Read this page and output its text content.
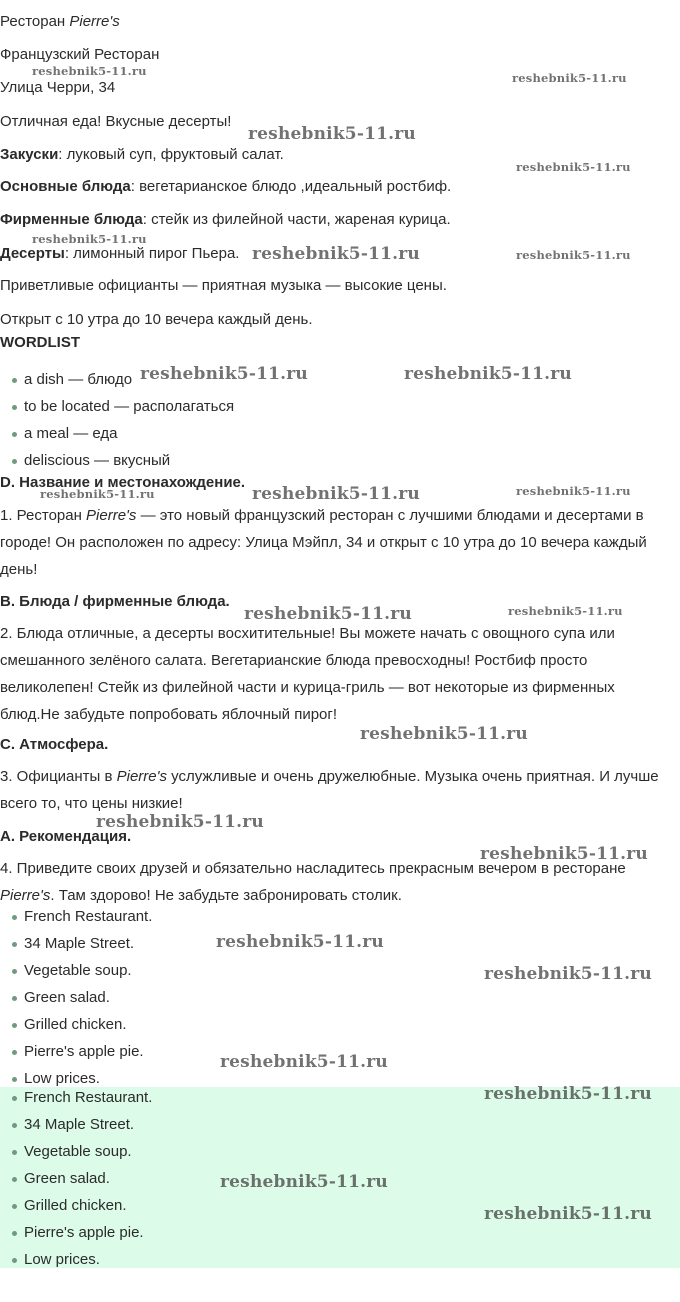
Ресторан Pierre's
Французский Ресторан
Улица Черри, 34
Отличная еда! Вкусные десерты!
Закуски: луковый суп, фруктовый салат.
Основные блюда: вегетарианское блюдо ,идеальный ростбиф.
Фирменные блюда: стейк из филейной части, жареная курица.
Десерты: лимонный пирог Пьера.
Приветливые официанты — приятная музыка — высокие цены.
Открыт с 10 утра до 10 вечера каждый день.
WORDLIST
a dish — блюдо
to be located — располагаться
a meal — еда
deliscious — вкусный
D. Название и местонахождение.
1. Ресторан Pierre's — это новый французский ресторан с лучшими блюдами и десертами в городе! Он расположен по адресу: Улица Мэйпл, 34 и открыт с 10 утра до 10 вечера каждый день!
B. Блюда / фирменные блюда.
2. Блюда отличные, а десерты восхитительные! Вы можете начать с овощного супа или смешанного зелёного салата. Вегетарианские блюда превосходны! Ростбиф просто великолепен! Стейк из филейной части и курица-гриль — вот некоторые из фирменных блюд.Не забудьте попробовать яблочный пирог!
C. Атмосфера.
3. Официанты в Pierre's услужливые и очень дружелюбные. Музыка очень приятная. И лучше всего то, что цены низкие!
A. Рекомендация.
4. Приведите своих друзей и обязательно насладитесь прекрасным вечером в ресторане Pierre's. Там здорово! Не забудьте забронировать столик.
French Restaurant.
34 Maple Street.
Vegetable soup.
Green salad.
Grilled chicken.
Pierre's apple pie.
Low prices.
French Restaurant.
34 Maple Street.
Vegetable soup.
Green salad.
Grilled chicken.
Pierre's apple pie.
Low prices.
reshebnik5-11.ru	reshebnik5-11.ru
reshebnik5-11.ru
reshebnik5-11.ru
reshebnik5-11.ru
reshebnik5-11.ru	reshebnik5-11.ru
reshebnik5-11.ru	reshebnik5-11.ru
reshebnik5-11.ru	reshebnik5-11.ru	reshebnik5-11.ru
reshebnik5-11.ru	reshebnik5-11.ru
reshebnik5-11.ru
reshebnik5-11.ru
reshebnik5-11.ru
reshebnik5-11.ru
reshebnik5-11.ru
reshebnik5-11.ru
reshebnik5-11.ru
reshebnik5-11.ru
reshebnik5-11.ru
